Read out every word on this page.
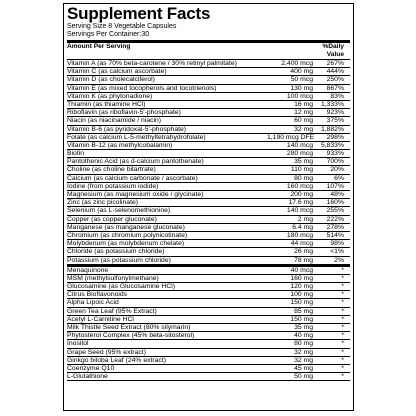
Supplement Facts
Serving Size 8 Vegetable Capsules
Servings Per Container:30
Amount Per Serving	%Daily Value
Vitamin A (as 70% beta-carotene / 30% retinyl palmitate)	2,400 mcg	267%
Vitamin C (as calcium ascorbate)	400 mg	444%
Vitamin D (as cholecalciferol)	50 mcg	250%
Vitamin E (as mixed tocopherols and tocotrienols)	130 mg	867%
Vitamin K (as phytonadione)	100 mcg	83%
Thiamin (as thiamine HCl)	16 mg	1,333%
Riboflavin (as riboflavin-5'-phosphate)	12 mg	923%
Niacin (as niacinamide / niacin)	60 mg	375%
Vitamin B-6 (as pyridoxal-5'-phosphate)	32 mg	1,882%
Folate (as calcium L-5-methyltetrahydrofolate)	1,190 mcg DFE	298%
Vitamin B-12 (as methylcobalamin)	140 mcg	5,833%
Biotin	280 mcg	933%
Pantothenic Acid (as d-calcium pantothenate)	35 mg	700%
Choline (as choline bitartrate)	110 mg	20%
Calcium (as calcium carbonate / ascorbate)	80 mg	6%
Iodine (from potassium iodide)	160 mcg	107%
Magnesium (as magnesium oxide / glycinate)	200 mg	48%
Zinc (as zinc picolinate)	17.6 mg	160%
Selenium (as L-selenomethionine)	140 mcg	255%
Copper (as copper gluconate)	2 mg	222%
Manganese (as manganese gluconate)	6.4 mg	278%
Chromium (as chromium polynicotinate)	180 mcg	514%
Molybdenum (as molybdenum chelate)	44 mcg	98%
Chloride (as potassium chloride)	26 mg	<1%
Potassium (as potassium chloride)	78 mg	2%
Menaquinone	40 mcg	*
MSM (methylsulfonylmethane)	160 mg	*
Glucosamine (as Glucosamine HCl)	120 mg	*
Citrus Bioflavonoids	100 mg	*
Alpha Lipoic Acid	150 mg	*
Green Tea Leaf (95% Extract)	85 mg	*
Acetyl L-Carnitine HCl	150 mg	*
Milk Thistle Seed Extract (80% silymarin)	35 mg	*
Phytosterol Complex (45% beta-sitosterol)	40 mg	*
Inositol	80 mg	*
Grape Seed (95% extract)	32 mg	*
Ginkgo biloba Leaf (24% extract)	32 mg	*
Coenzyme Q10	45 mg	*
L-Glutathione	50 mg	*
